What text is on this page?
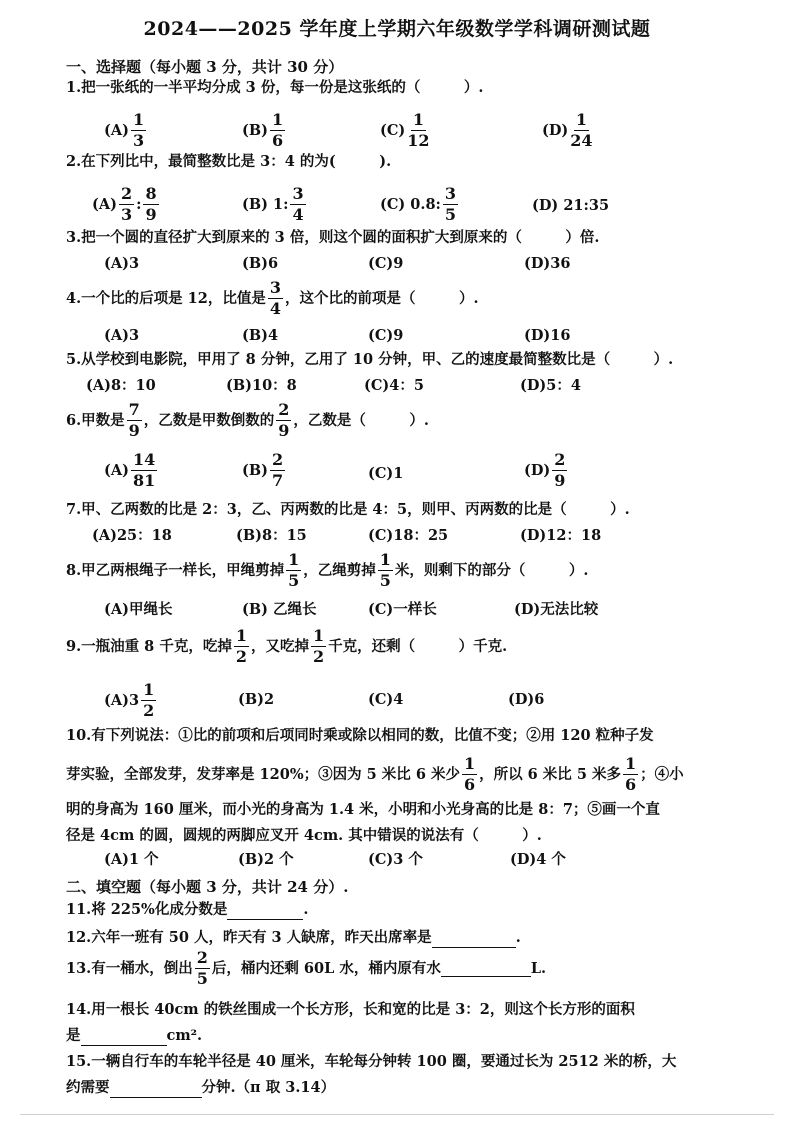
2024——2025 学年度上学期六年级数学学科调研测试题
一、选择题（每小题 3 分，共计 30 分）
1.把一张纸的一半平均分成 3 份，每一份是这张纸的（　　　）.
$(A) \frac{1}{3}$	$(B) \frac{1}{6}$	$(C) \frac{1}{12}$	$(D) \frac{1}{24}$
2.在下列比中，最简整数比是 3：4 的为(　　　).
$(A) \frac{2}{3}$ : $\frac{8}{9}$	(B) 1: $\frac{3}{4}$	(C) 0.8: $\frac{3}{5}$	(D) 21:35
3.把一个圆的直径扩大到原来的 3 倍，则这个圆的面积扩大到原来的（　　　）倍.
(A)3	(B)6	(C)9	(D)36
4.一个比的后项是 12，比值是 $\frac{3}{4}$ ，这个比的前项是（　　　）.
(A)3	(B)4	(C)9	(D)16
5.从学校到电影院，甲用了 8 分钟，乙用了 10 分钟，甲、乙的速度最简整数比是（　　　）.
(A)8：10	(B)10：8	(C)4：5	(D)5：4
6.甲数是 $\frac{7}{9}$ ，乙数是甲数倒数的 $\frac{2}{9}$ ，乙数是（　　　）.
$(A) \frac{14}{81}$	$(B) \frac{2}{7}$	(C)1	$(D) \frac{2}{9}$
7.甲、乙两数的比是 2：3，乙、丙两数的比是 4：5，则甲、丙两数的比是（　　　）.
(A)25：18	(B)8：15	(C)18：25	(D)12：18
8.甲乙两根绳子一样长，甲绳剪掉 $\frac{1}{5}$ ，乙绳剪掉 $\frac{1}{5}$ 米，则剩下的部分（　　　）.
(A)甲绳长	(B) 乙绳长	(C)一样长	(D)无法比较
9.一瓶油重 8 千克，吃掉 $\frac{1}{2}$ ，又吃掉 $\frac{1}{2}$ 千克，还剩（　　　）千克.
$(A)3 \frac{1}{2}$	(B)2	(C)4	(D)6
10.有下列说法：①比的前项和后项同时乘或除以相同的数，比值不变；②用 120 粒种子发
芽实验，全部发芽，发芽率是 120%；③因为 5 米比 6 米少 $\frac{1}{6}$ ，所以 6 米比 5 米多 $\frac{1}{6}$ ；④小
明的身高为 160 厘米，而小光的身高为 1.4 米，小明和小光身高的比是 8：7；⑤画一个直
径是 4cm 的圆，圆规的两脚应叉开 4cm. 其中错误的说法有（　　　）.
(A)1 个	(B)2 个	(C)3 个	(D)4 个
二、填空题（每小题 3 分，共计 24 分）.
11.将 225%化成分数是	.
12.六年一班有 50 人，昨天有 3 人缺席，昨天出席率是	.
13.有一桶水，倒出 $\frac{2}{5}$ 后，桶内还剩 60L 水，桶内原有水	L.
14.用一根长 40cm 的铁丝围成一个长方形，长和宽的比是 3：2，则这个长方形的面积
是	cm².
15.一辆自行车的车轮半径是 40 厘米，车轮每分钟转 100 圈，要通过长为 2512 米的桥，大
约需要	分钟.（π 取 3.14）
